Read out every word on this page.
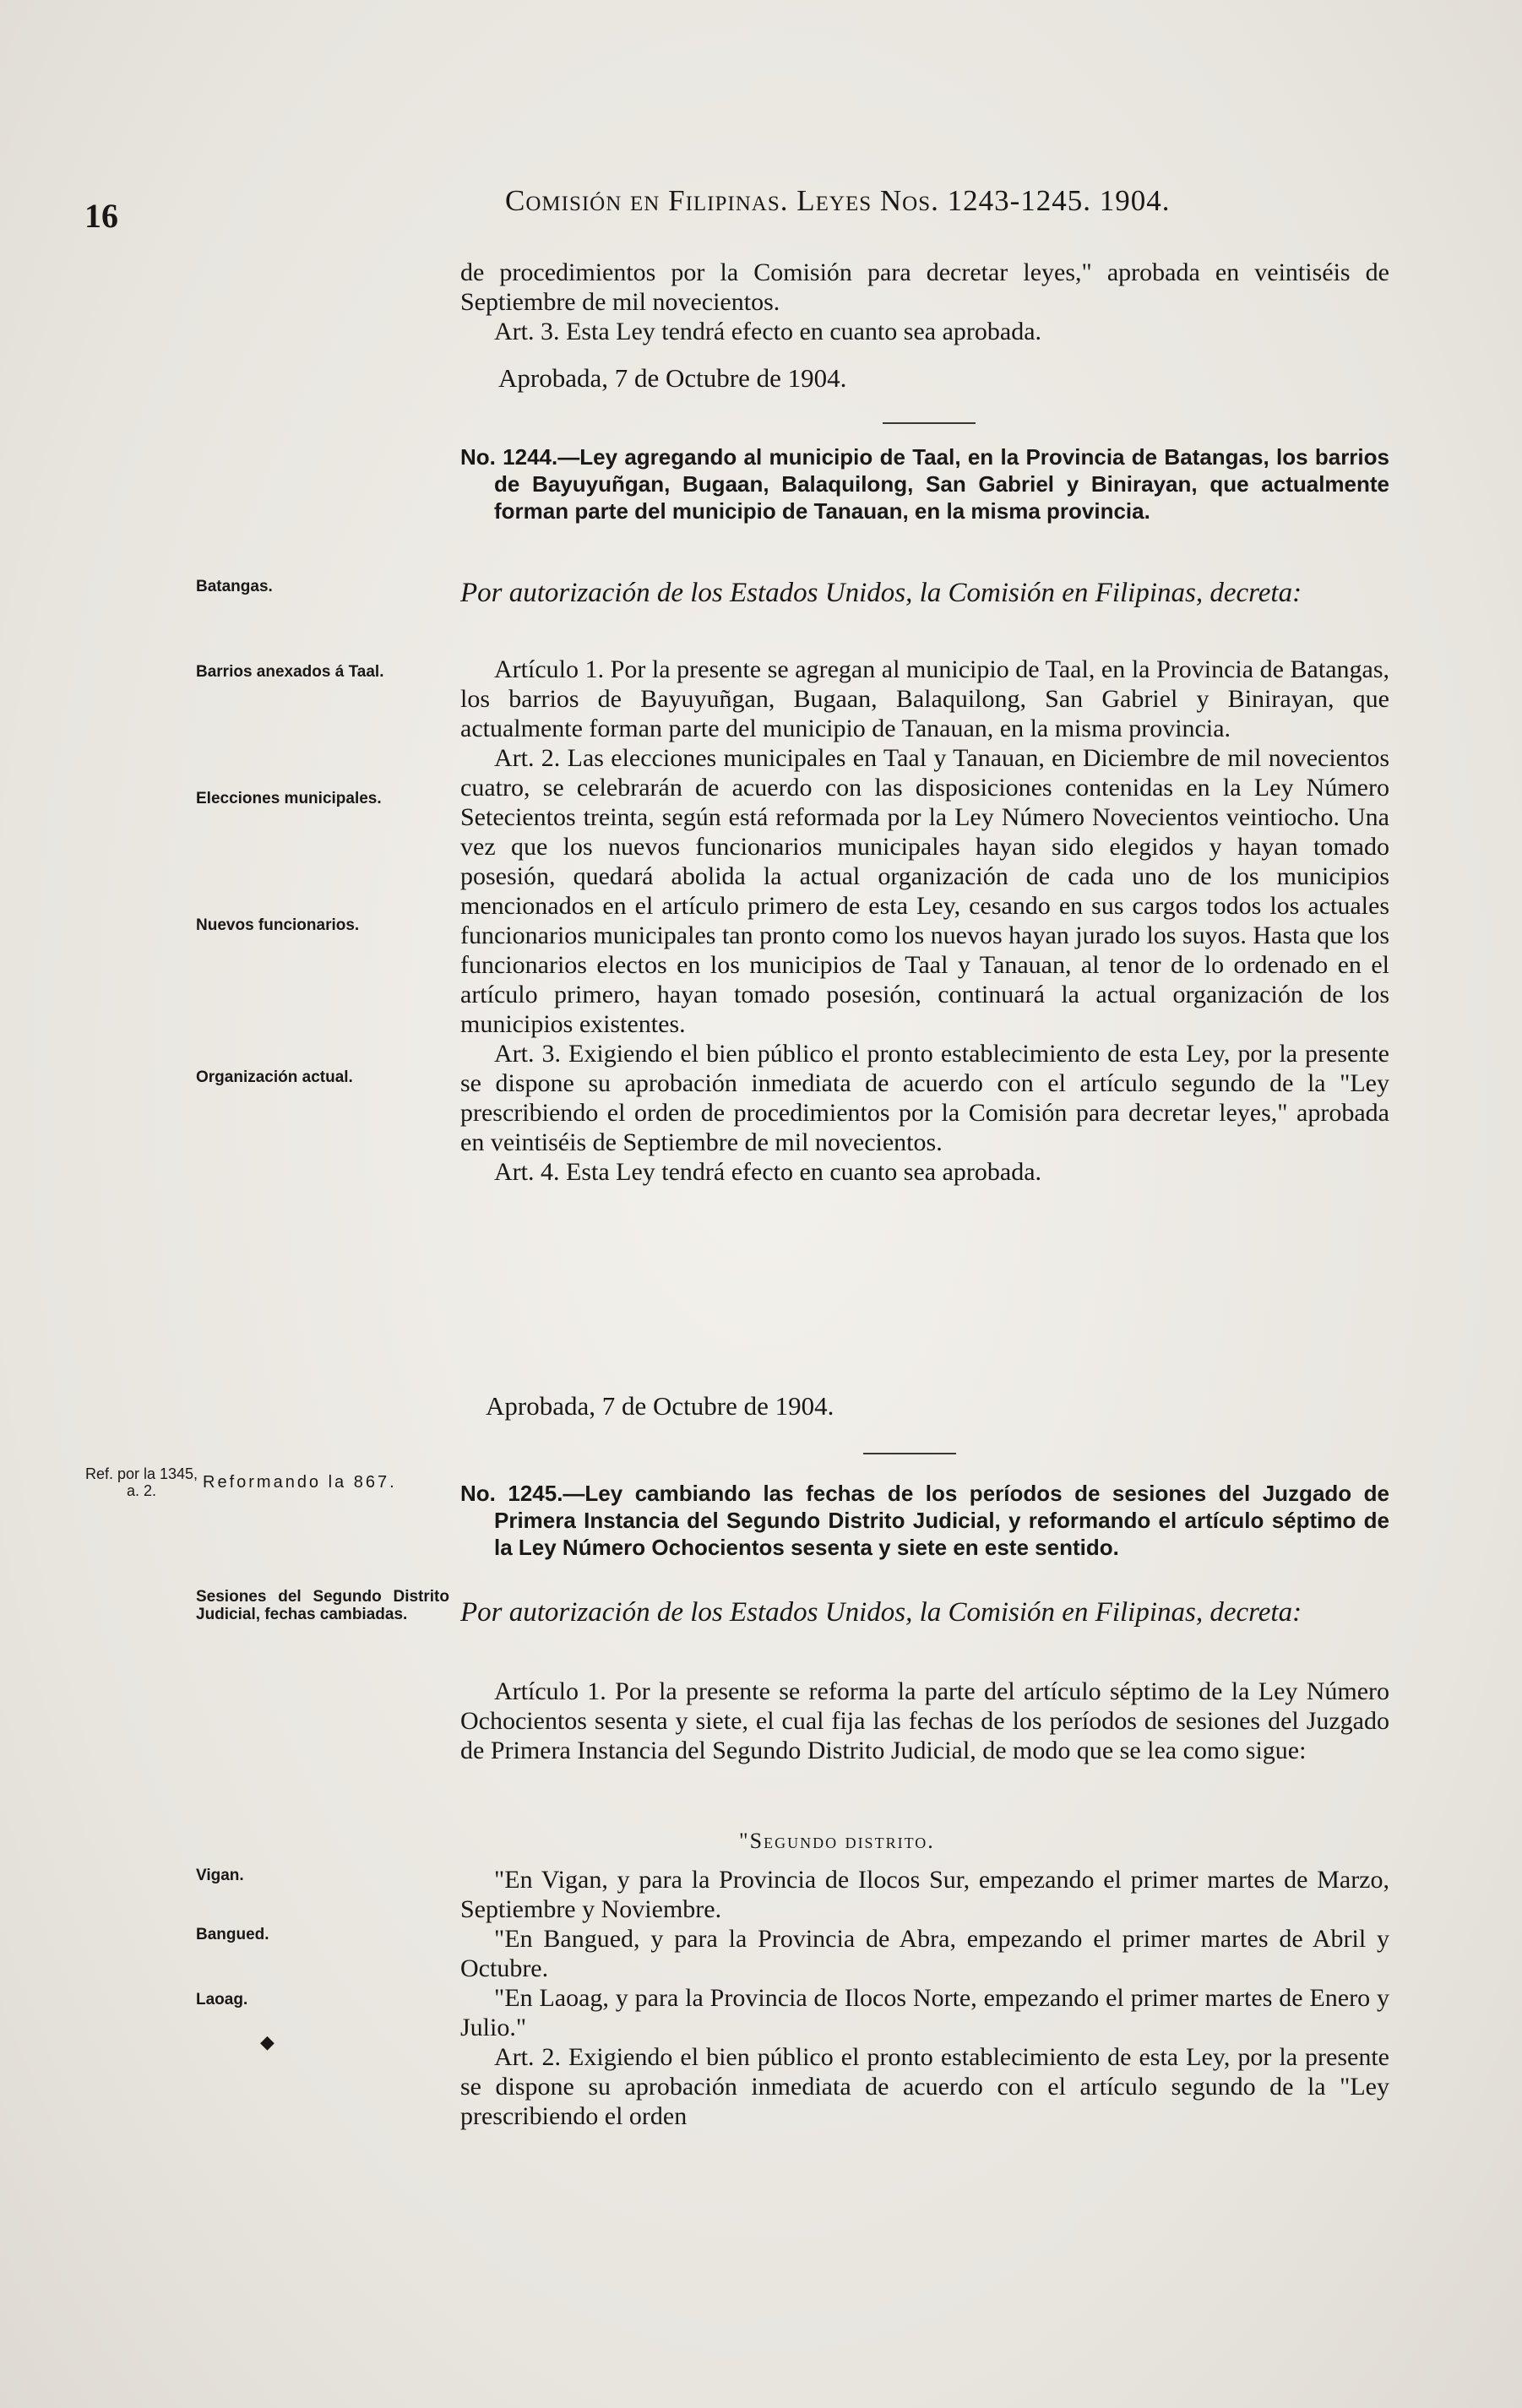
16	Comisión en Filipinas. Leyes Nos. 1243-1245. 1904.

de procedimientos por la Comisión para decretar leyes," aprobada en veintiséis de Septiembre de mil novecientos.

Art. 3. Esta Ley tendrá efecto en cuanto sea aprobada.

Aprobada, 7 de Octubre de 1904.
No. 1244.—Ley agregando al municipio de Taal, en la Provincia de Batangas, los barrios de Bayuyuñgan, Bugaan, Balaquilong, San Gabriel y Binirayan, que actualmente forman parte del municipio de Tanauan, en la misma provincia.
Por autorización de los Estados Unidos, la Comisión en Filipinas, decreta:
Batangas.
Barrios anexados á Taal.
Elecciones municipales.
Nuevos funcionarios.
Organización actual.

Artículo 1. Por la presente se agregan al municipio de Taal, en la Provincia de Batangas, los barrios de Bayuyuñgan, Bugaan, Balaquilong, San Gabriel y Binirayan, que actualmente forman parte del municipio de Tanauan, en la misma provincia.

Art. 2. Las elecciones municipales en Taal y Tanauan, en Diciembre de mil novecientos cuatro, se celebrarán de acuerdo con las disposiciones contenidas en la Ley Número Setecientos treinta, según está reformada por la Ley Número Novecientos veintiocho. Una vez que los nuevos funcionarios municipales hayan sido elegidos y hayan tomado posesión, quedará abolida la actual organización de cada uno de los municipios mencionados en el artículo primero de esta Ley, cesando en sus cargos todos los actuales funcionarios municipales tan pronto como los nuevos hayan jurado los suyos. Hasta que los funcionarios electos en los municipios de Taal y Tanauan, al tenor de lo ordenado en el artículo primero, hayan tomado posesión, continuará la actual organización de los municipios existentes.

Art. 3. Exigiendo el bien público el pronto establecimiento de esta Ley, por la presente se dispone su aprobación inmediata de acuerdo con el artículo segundo de la "Ley prescribiendo el orden de procedimientos por la Comisión para decretar leyes," aprobada en veintiséis de Septiembre de mil novecientos.

Art. 4. Esta Ley tendrá efecto en cuanto sea aprobada.

Aprobada, 7 de Octubre de 1904.
Ref. por la 1345, a. 2.	Reformando la 867.	No. 1245.—Ley cambiando las fechas de los períodos de sesiones del Juzgado de Primera Instancia del Segundo Distrito Judicial, y reformando el artículo séptimo de la Ley Número Ochocientos sesenta y siete en este sentido.
Por autorización de los Estados Unidos, la Comisión en Filipinas, decreta:
Sesiones del Segundo Distrito Judicial, fechas cambiadas.

Artículo 1. Por la presente se reforma la parte del artículo séptimo de la Ley Número Ochocientos sesenta y siete, el cual fija las fechas de los períodos de sesiones del Juzgado de Primera Instancia del Segundo Distrito Judicial, de modo que se lea como sigue:

"Segundo distrito.
Vigan.
Bangued.
Laoag.
◆

"En Vigan, y para la Provincia de Ilocos Sur, empezando el primer martes de Marzo, Septiembre y Noviembre.

"En Bangued, y para la Provincia de Abra, empezando el primer martes de Abril y Octubre.

"En Laoag, y para la Provincia de Ilocos Norte, empezando el primer martes de Enero y Julio."

Art. 2. Exigiendo el bien público el pronto establecimiento de esta Ley, por la presente se dispone su aprobación inmediata de acuerdo con el artículo segundo de la "Ley prescribiendo el orden
